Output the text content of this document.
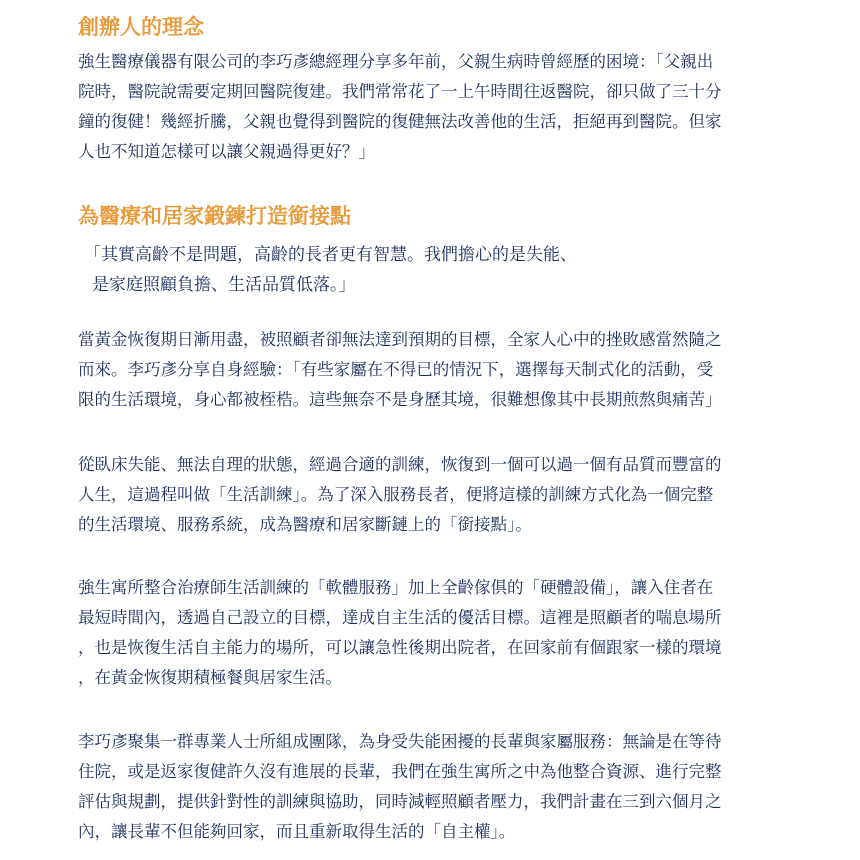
創辦人的理念

強生醫療儀器有限公司的李巧彥總經理分享多年前，父親生病時曾經歷的困境：「父親出
院時，醫院說需要定期回醫院復建。我們常常花了一上午時間往返醫院，卻只做了三十分
鐘的復健！幾經折騰，父親也覺得到醫院的復健無法改善他的生活，拒絕再到醫院。但家
人也不知道怎樣可以讓父親過得更好？」

為醫療和居家鍛鍊打造銜接點

「其實高齡不是問題，高齡的長者更有智慧。我們擔心的是失能、
是家庭照顧負擔、生活品質低落。」

當黃金恢復期日漸用盡，被照顧者卻無法達到預期的目標，全家人心中的挫敗感當然隨之
而來。李巧彥分享自身經驗：「有些家屬在不得已的情況下，選擇每天制式化的活動，受
限的生活環境，身心都被桎梏。這些無奈不是身歷其境，很難想像其中長期煎熬與痛苦」

從臥床失能、無法自理的狀態，經過合適的訓練，恢復到一個可以過一個有品質而豐富的
人生，這過程叫做「生活訓練」。為了深入服務長者，便將這樣的訓練方式化為一個完整
的生活環境、服務系統，成為醫療和居家斷鏈上的「銜接點」。

強生寓所整合治療師生活訓練的「軟體服務」加上全齡傢俱的「硬體設備」，讓入住者在
最短時間內，透過自己設立的目標，達成自主生活的優活目標。這裡是照顧者的喘息場所
，也是恢復生活自主能力的場所，可以讓急性後期出院者，在回家前有個跟家一樣的環境
，在黃金恢復期積極餐與居家生活。

李巧彥聚集一群專業人士所組成團隊，為身受失能困擾的長輩與家屬服務：無論是在等待
住院，或是返家復健許久沒有進展的長輩，我們在強生寓所之中為他整合資源、進行完整
評估與規劃，提供針對性的訓練與協助，同時減輕照顧者壓力，我們計畫在三到六個月之
內，讓長輩不但能夠回家，而且重新取得生活的「自主權」。
